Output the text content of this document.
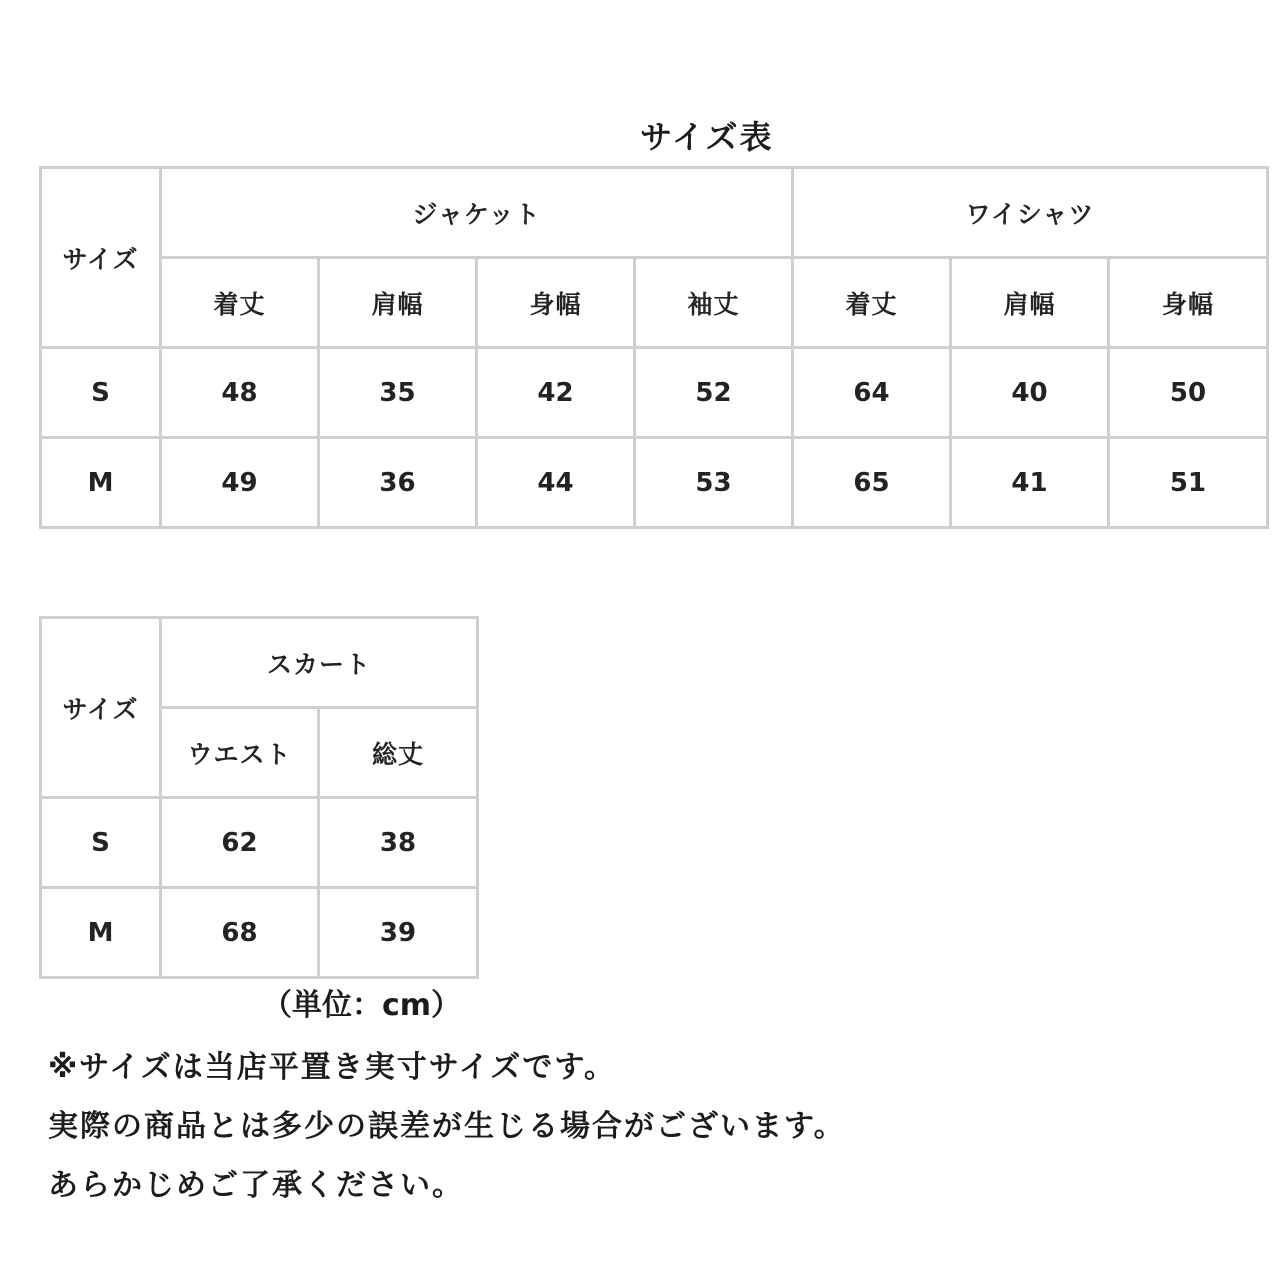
サイズ表
サイズ	ジャケット				ワイシャツ		
	着丈	肩幅	身幅	袖丈	着丈	肩幅	身幅
S	48	35	42	52	64	40	50
M	49	36	44	53	65	41	51
サイズ	スカート	
	ウエスト	総丈
S	62	38
M	68	39
（単位：cm）
※サイズは当店平置き実寸サイズです。
実際の商品とは多少の誤差が生じる場合がございます。
あらかじめご了承ください。
